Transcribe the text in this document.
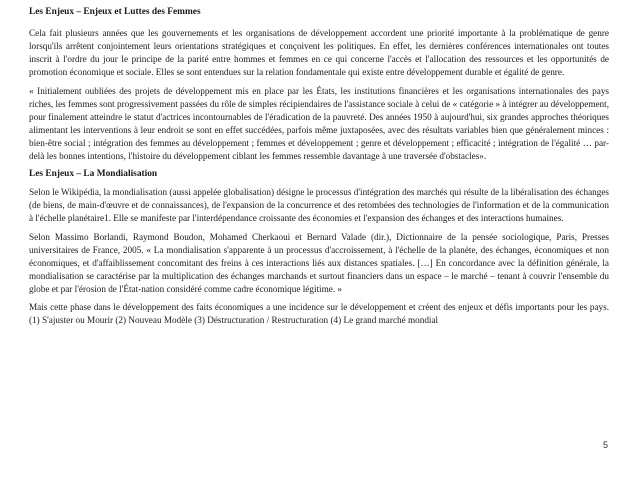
Les Enjeux – Enjeux et Luttes des Femmes

Cela fait plusieurs années que les gouvernements et les organisations de développement accordent une priorité importante à la problématique de genre lorsqu'ils arrêtent conjointement leurs orientations stratégiques et conçoivent les politiques. En effet, les dernières conférences internationales ont toutes inscrit à l'ordre du jour le principe de la parité entre hommes et femmes en ce qui concerne l'accès et l'allocation des ressources et les opportunités de promotion économique et sociale. Elles se sont entendues sur la relation fondamentale qui existe entre développement durable et égalité de genre.

« Initialement oubliées des projets de développement mis en place par les États, les institutions financières et les organisations internationales des pays riches, les femmes sont progressivement passées du rôle de simples récipiendaires de l'assistance sociale à celui de « catégorie » à intégrer au développement, pour finalement atteindre le statut d'actrices incontournables de l'éradication de la pauvreté. Des années 1950 à aujourd'hui, six grandes approches théoriques alimentant les interventions à leur endroit se sont en effet succédées, parfois même juxtaposées, avec des résultats variables bien que généralement minces : bien-être social ; intégration des femmes au développement ; femmes et développement ; genre et développement ; efficacité ; intégration de l'égalité … par-delà les bonnes intentions, l'histoire du développement ciblant les femmes ressemble davantage à une traversée d'obstacles».

Les Enjeux – La Mondialisation

Selon le Wikipédia, la mondialisation (aussi appelée globalisation) désigne le processus d'intégration des marchés qui résulte de la libéralisation des échanges (de biens, de main-d'œuvre et de connaissances), de l'expansion de la concurrence et des retombées des technologies de l'information et de la communication à l'échelle planétaire1. Elle se manifeste par l'interdépendance croissante des économies et l'expansion des échanges et des interactions humaines.

Selon Massimo Borlandi, Raymond Boudon, Mohamed Cherkaoui et Bernard Valade (dir.), Dictionnaire de la pensée sociologique, Paris, Presses universitaires de France, 2005. « La mondialisation s'apparente à un processus d'accroissement, à l'échelle de la planète, des échanges, économiques et non économiques, et d'affaiblissement concomitant des freins à ces interactions liés aux distances spatiales. […] En concordance avec la définition générale, la mondialisation se caractérise par la multiplication des échanges marchands et surtout financiers dans un espace – le marché – tenant à couvrir l'ensemble du globe et par l'érosion de l'État-nation considéré comme cadre économique légitime. »

Mais cette phase dans le développement des faits économiques a une incidence sur le développement et créent des enjeux et défis importants pour les pays. (1) S'ajuster ou Mourir (2) Nouveau Modèle (3) Déstructuration / Restructuration (4) Le grand marché mondial

5
